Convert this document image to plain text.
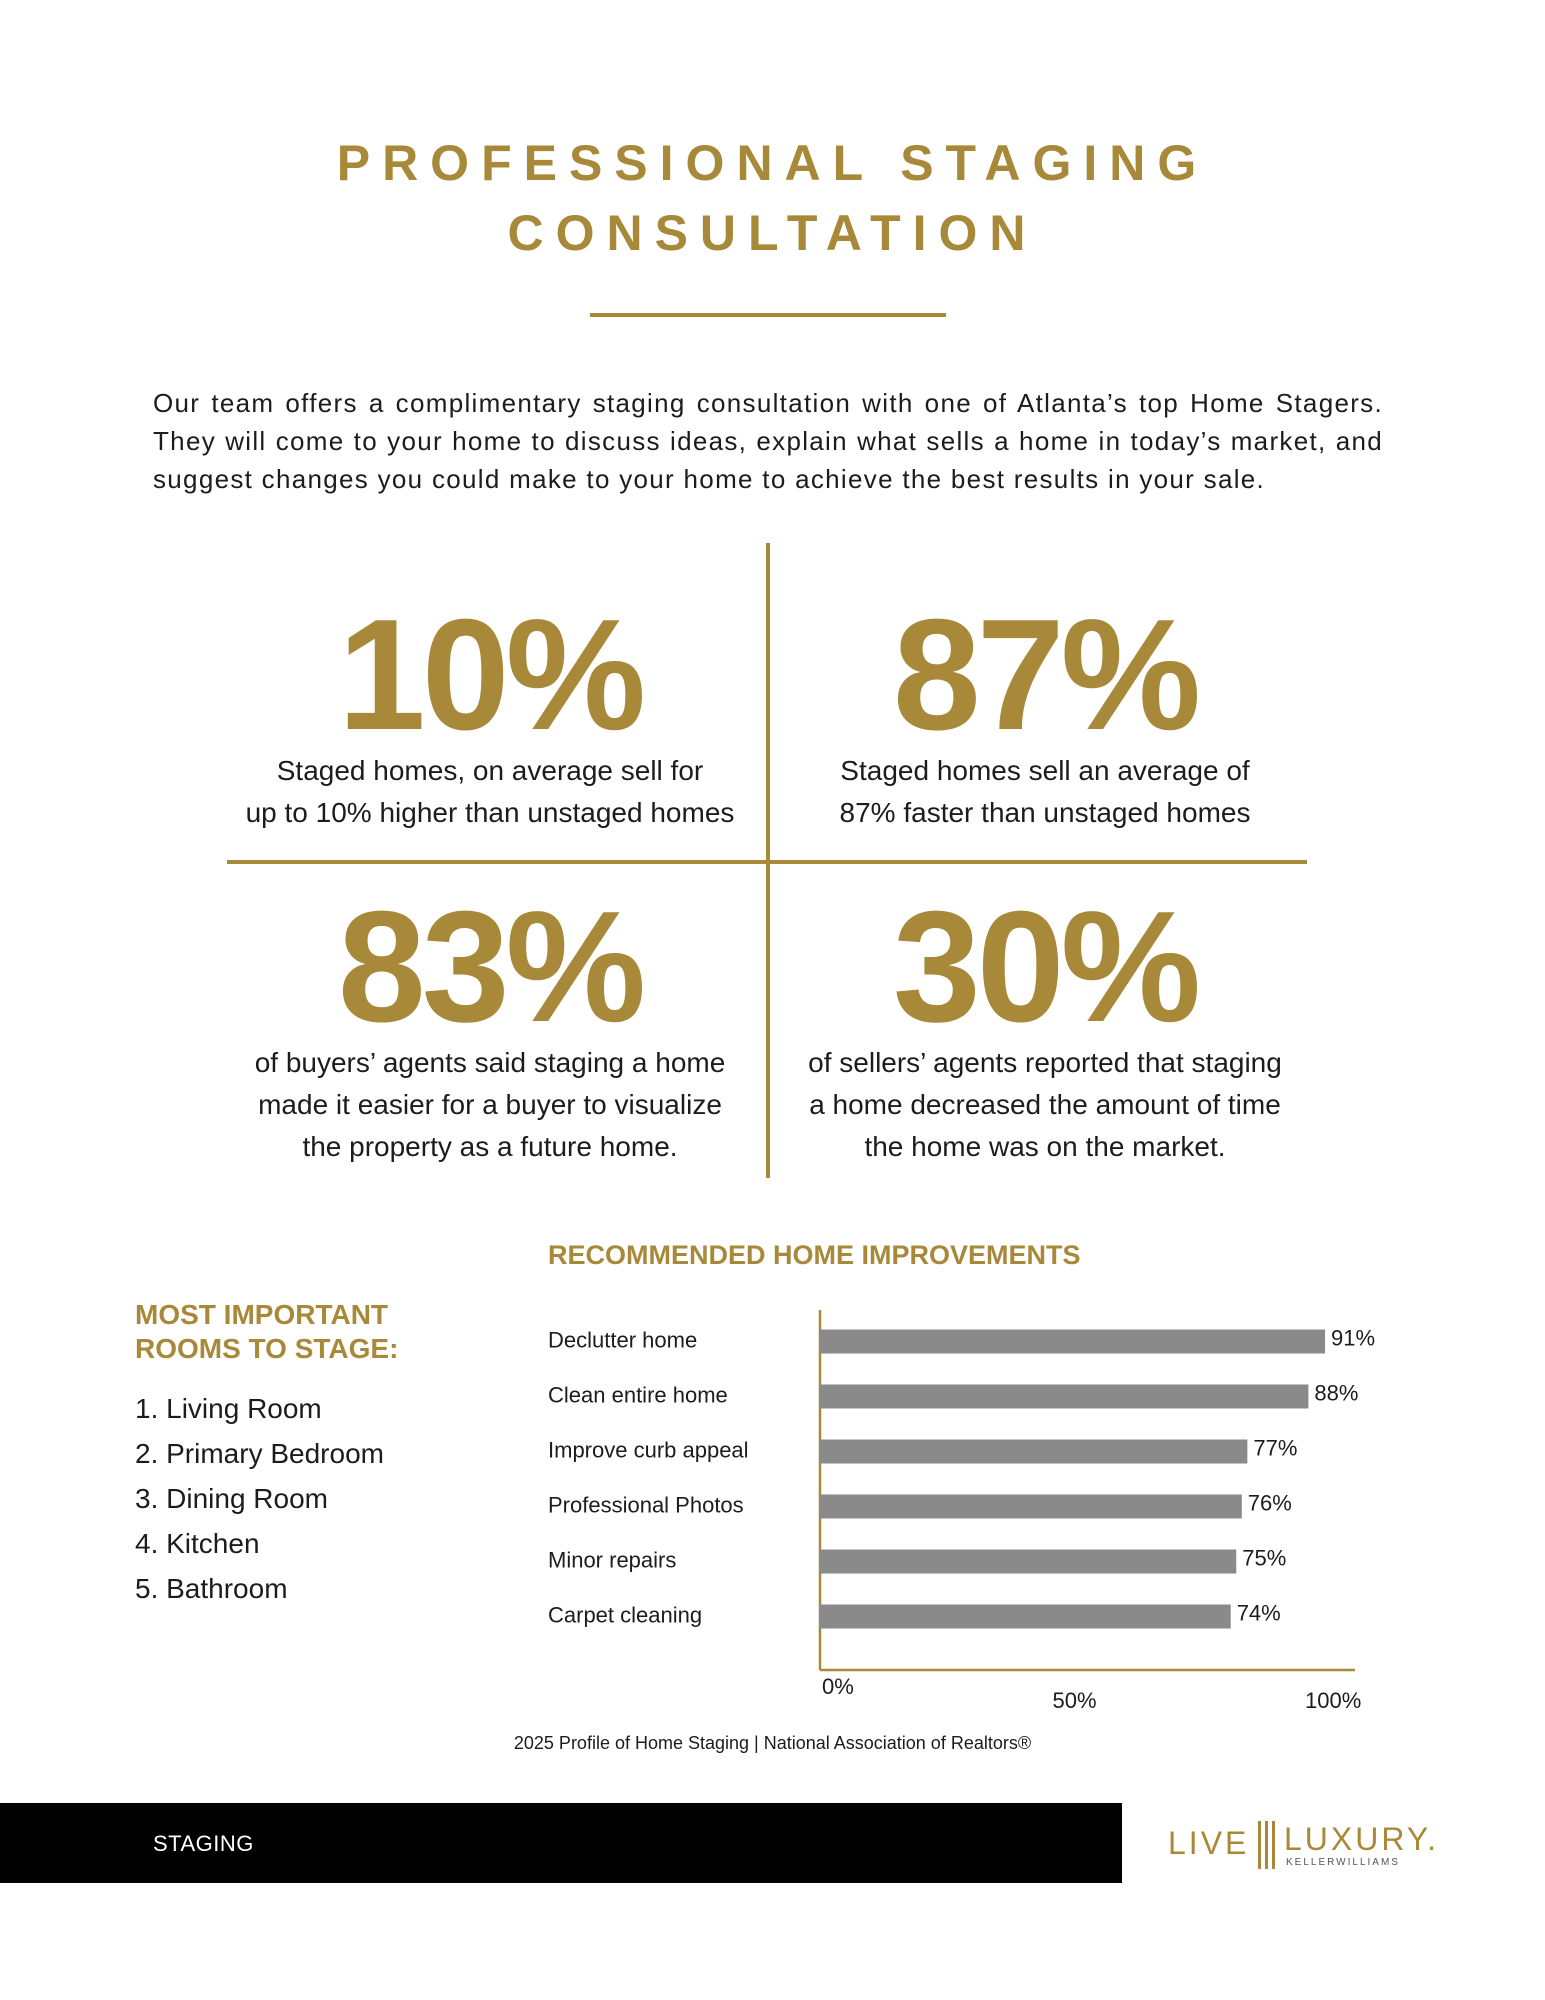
PROFESSIONAL STAGING
CONSULTATION

Our team offers a complimentary staging consultation with one of Atlanta’s top Home Stagers. They will come to your home to discuss ideas, explain what sells a home in today’s market, and suggest changes you could make to your home to achieve the best results in your sale.

10%
Staged homes, on average sell for
up to 10% higher than unstaged homes
87%
Staged homes sell an average of
87% faster than unstaged homes
83%
of buyers’ agents said staging a home
made it easier for a buyer to visualize
the property as a future home.
30%
of sellers’ agents reported that staging
a home decreased the amount of time
the home was on the market.
MOST IMPORTANT
ROOMS TO STAGE:
1. Living Room
2. Primary Bedroom
3. Dining Room
4. Kitchen
5. Bathroom
RECOMMENDED HOME IMPROVEMENTS
Declutter home	91%
Clean entire home	88%
Improve curb appeal	77%
Professional Photos	76%
Minor repairs	75%
Carpet cleaning	74%
0%
50%	100%
2025 Profile of Home Staging | National Association of Realtors®
STAGING	LIVE LUXURY.
KELLERWILLIAMS
